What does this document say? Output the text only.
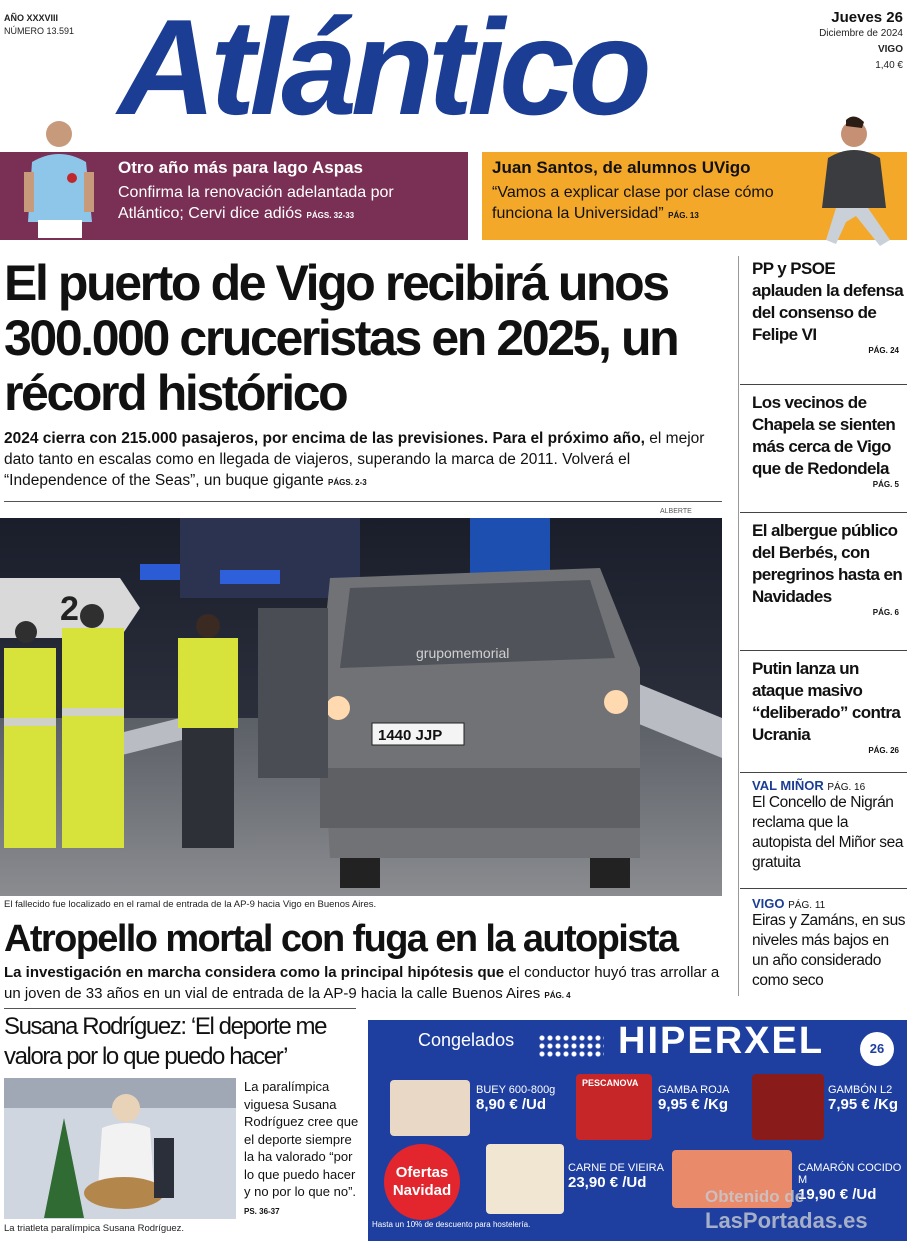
AÑO XXXVIII
NÚMERO 13.591 Atlántico	Jueves 26
Diciembre de 2024
VIGO
1,40 €
Otro año más para Iago Aspas
Confirma la renovación adelantada por Atlántico; Cervi dice adiós PÁGS. 32-33
Juan Santos, de alumnos UVigo
“Vamos a explicar clase por clase cómo funciona la Universidad” PÁG. 13
El puerto de Vigo recibirá unos 300.000 cruceristas en 2025, un récord histórico
2024 cierra con 215.000 pasajeros, por encima de las previsiones. Para el próximo año, el mejor dato tanto en escalas como en llegada de viajeros, superando la marca de 2011. Volverá el “Independence of the Seas”, un buque gigante PÁGS. 2-3
ALBERTE
2
1440 JJP
grupomemorial
El fallecido fue localizado en el ramal de entrada de la AP-9 hacia Vigo en Buenos Aires.
Atropello mortal con fuga en la autopista
La investigación en marcha considera como la principal hipótesis que el conductor huyó tras arrollar a un joven de 33 años en un vial de entrada de la AP-9 hacia la calle Buenos Aires PÁG. 4
PP y PSOE aplauden la defensa del consenso de Felipe VI
PÁG. 24
Los vecinos de Chapela se sienten más cerca de Vigo que de Redondela
PÁG. 5
El albergue público del Berbés, con peregrinos hasta en Navidades
PÁG. 6
Putin lanza un ataque masivo “deliberado” contra Ucrania
PÁG. 26
VAL MIÑOR PÁG. 16
El Concello de Nigrán reclama que la autopista del Miñor sea gratuita
VIGO PÁG. 11
Eiras y Zamáns, en sus niveles más bajos en un año considerado como seco
Susana Rodríguez: ‘El deporte me valora por lo que puedo hacer’
La triatleta paralímpica Susana Rodríguez.
La paralímpica viguesa Susana Rodríguez cree que el deporte siempre la ha valorado “por lo que puedo hacer y no por lo que no”. PS. 36-37
Congelados	HIPERXEL	26
BUEY 600-800g
8,90 € /Ud
PESCANOVA
GAMBA ROJA
9,95 € /Kg
GAMBÓN L2
7,95 € /Kg
Ofertas Navidad
CARNE DE VIEIRA
23,90 € /Ud
CAMARÓN COCIDO M
19,90 € /Ud
Hasta un 10% de descuento para hostelería.
Obtenido de
LasPortadas.es
